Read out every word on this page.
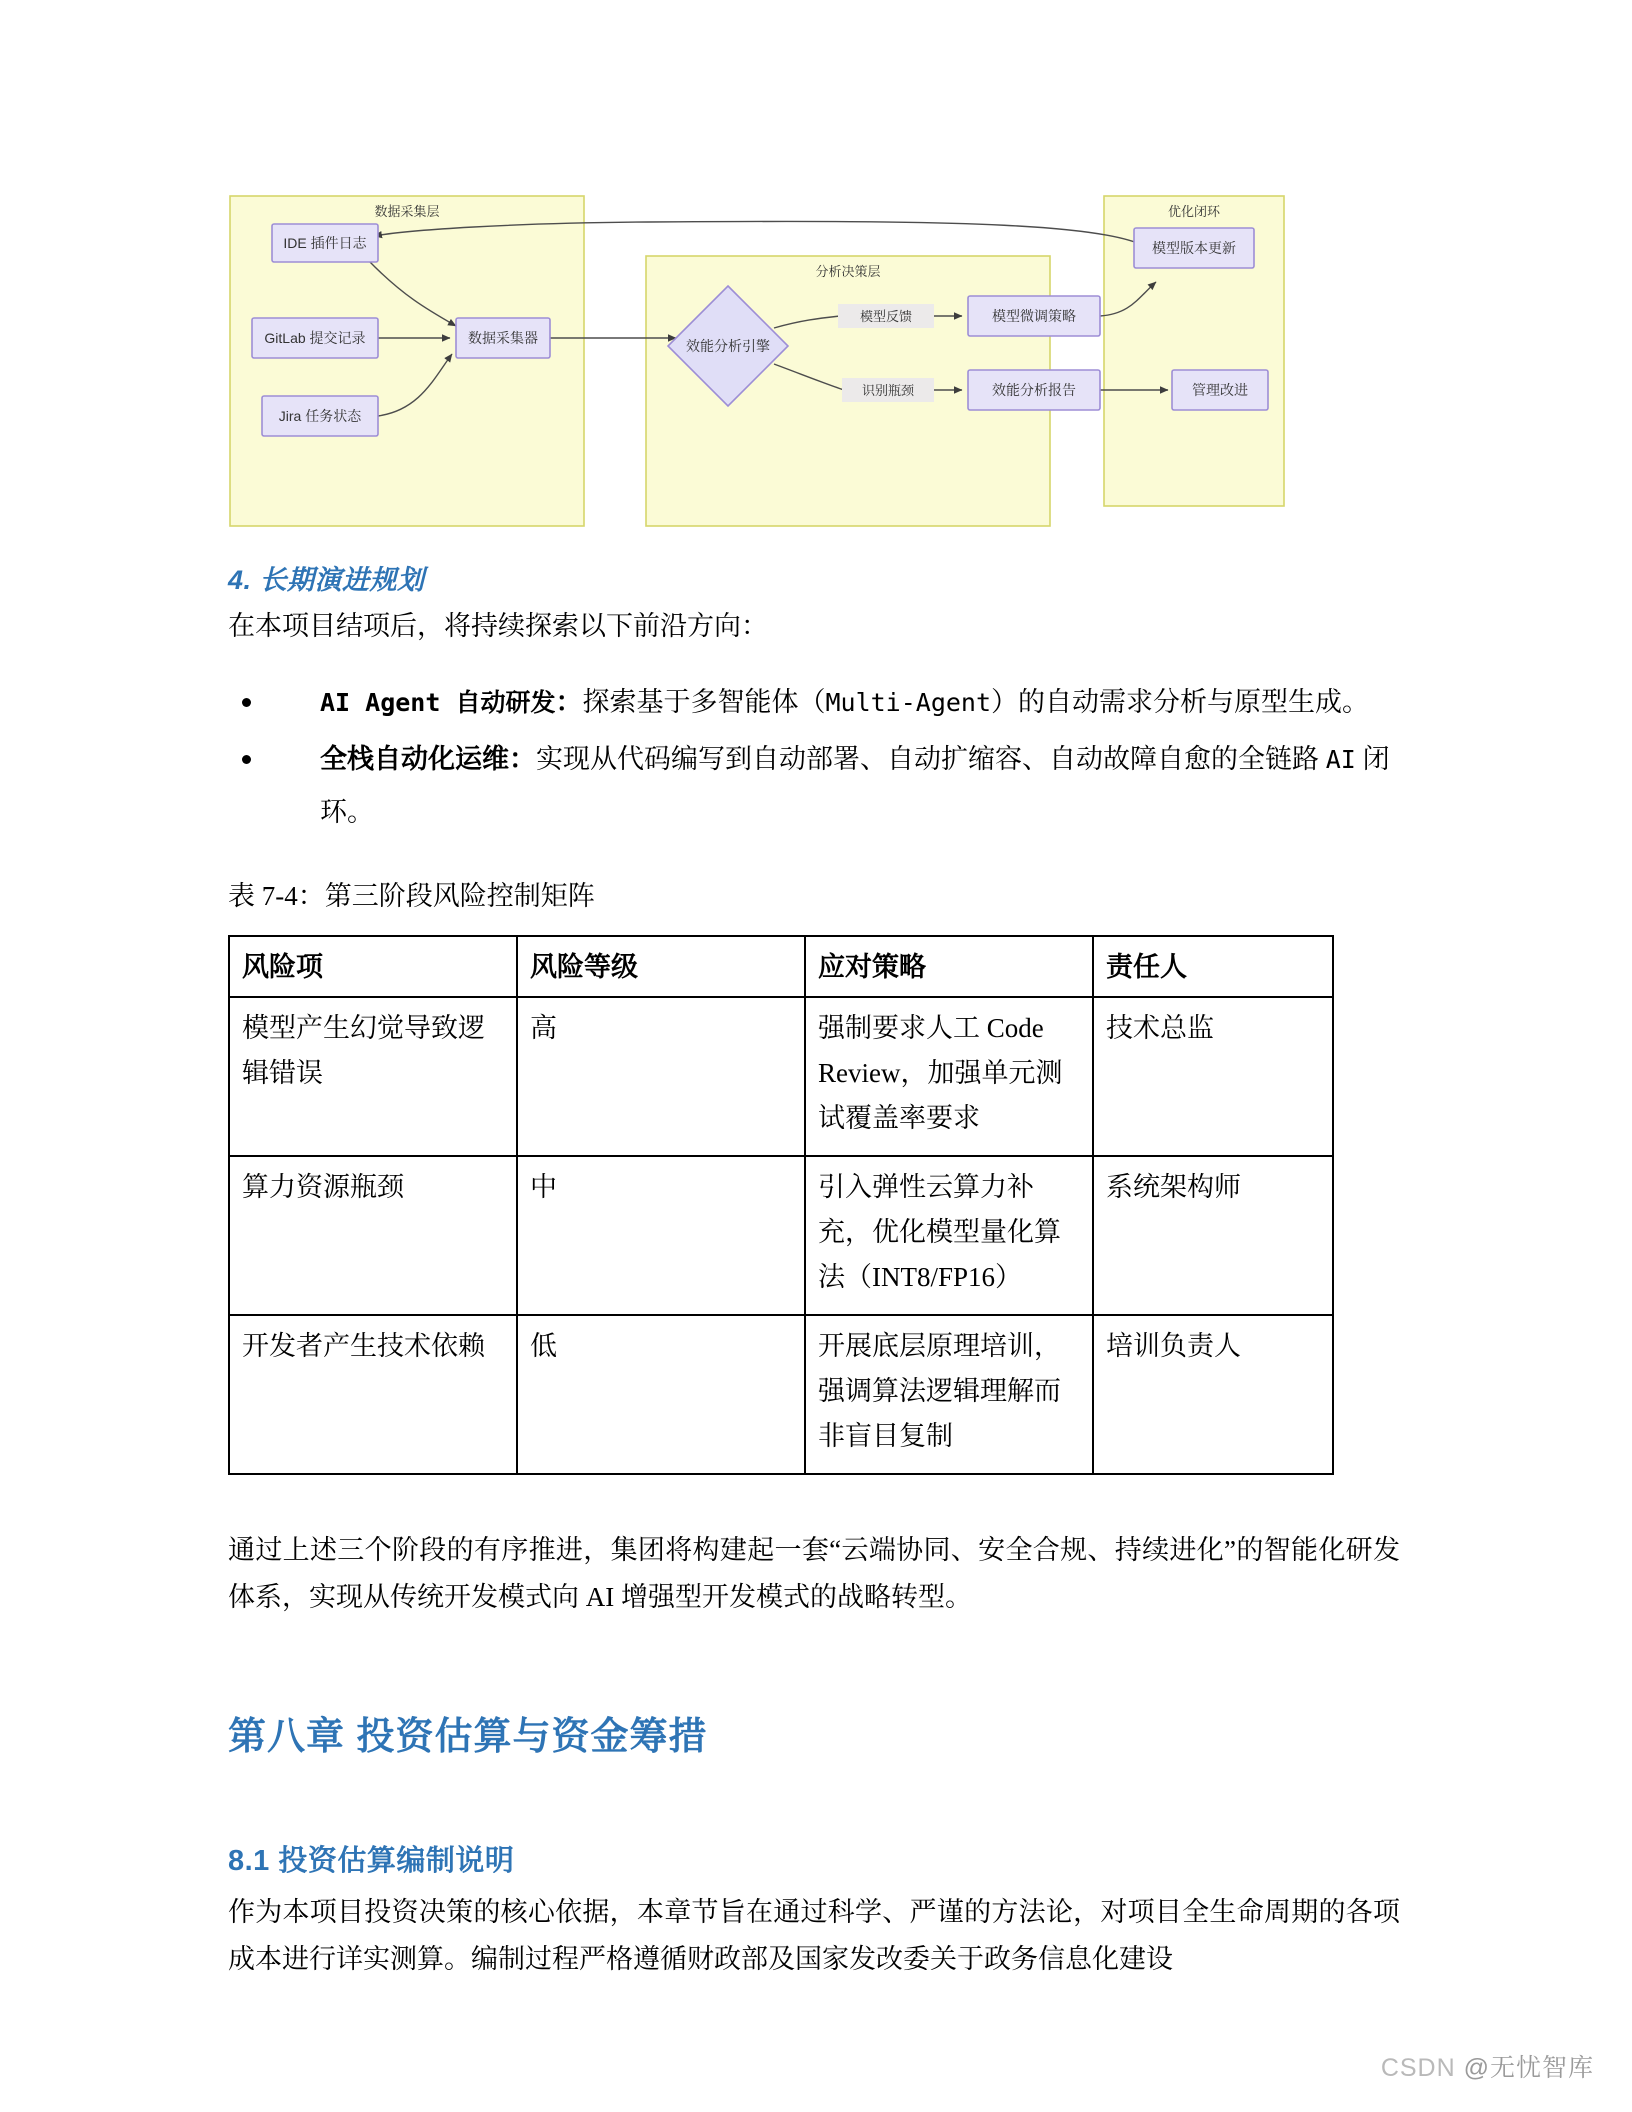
数据采集层
分析决策层
优化闭环
IDE 插件日志
GitLab 提交记录
Jira 任务状态
数据采集器	效能分析引擎
模型反馈
识别瓶颈
模型微调策略
效能分析报告
模型版本更新
管理改进
4. 长期演进规划

在本项目结项后，将持续探索以下前沿方向：

AI Agent 自动研发：探索基于多智能体（Multi-Agent）的自动需求分析与原型生成。
全栈自动化运维：实现从代码编写到自动部署、自动扩缩容、自动故障自愈的全链路 AI 闭环。

表 7-4：第三阶段风险控制矩阵

风险项	风险等级	应对策略	责任人
模型产生幻觉导致逻辑错误	高	强制要求人工 Code Review，加强单元测试覆盖率要求	技术总监
算力资源瓶颈	中	引入弹性云算力补充，优化模型量化算法（INT8/FP16）	系统架构师
开发者产生技术依赖	低	开展底层原理培训，强调算法逻辑理解而非盲目复制	培训负责人

通过上述三个阶段的有序推进，集团将构建起一套“云端协同、安全合规、持续进化”的智能化研发体系，实现从传统开发模式向 AI 增强型开发模式的战略转型。

第八章 投资估算与资金筹措
8.1 投资估算编制说明

作为本项目投资决策的核心依据，本章节旨在通过科学、严谨的方法论，对项目全生命周期的各项成本进行详实测算。编制过程严格遵循财政部及国家发改委关于政务信息化建设

CSDN @无忧智库
